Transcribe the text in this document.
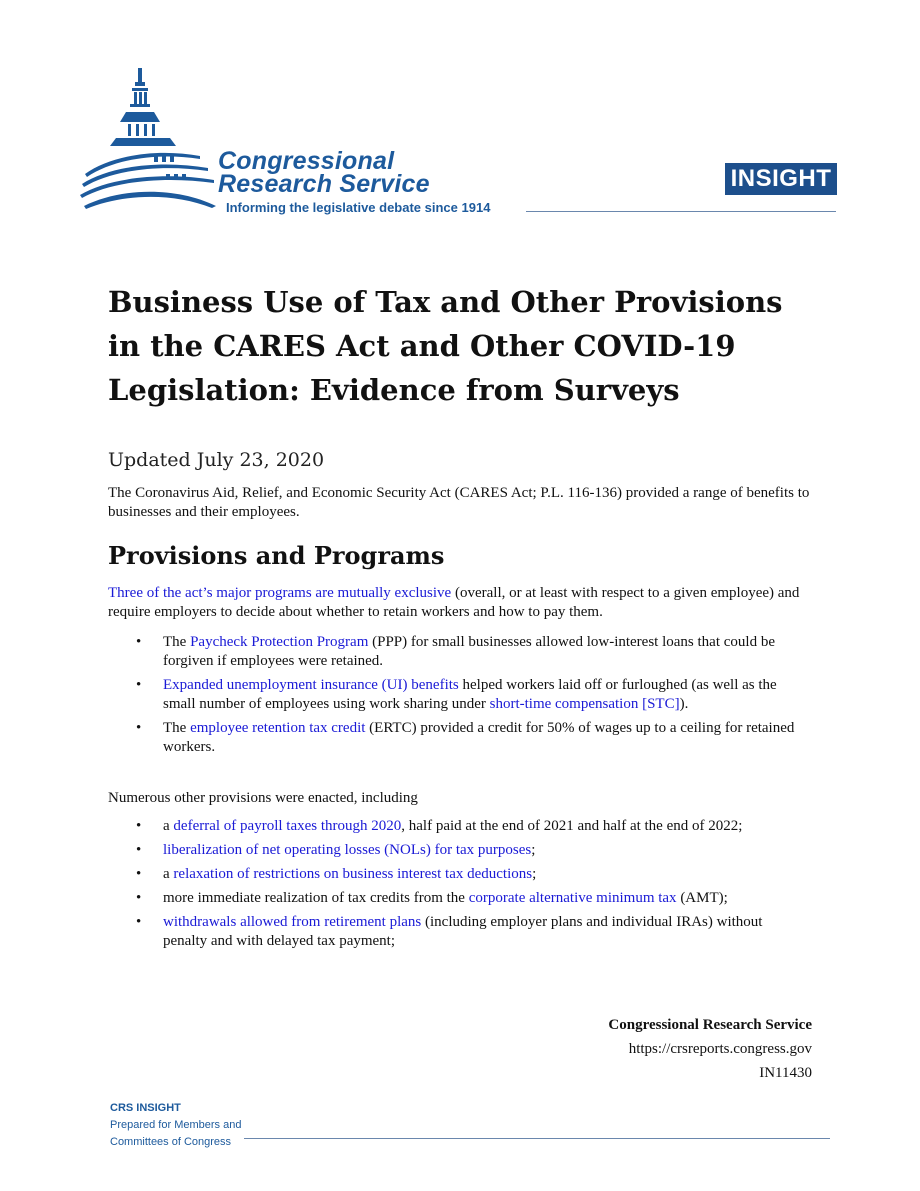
Congressional
Research Service
Informing the legislative debate since 1914
INSIGHT
Business Use of Tax and Other Provisions in the CARES Act and Other COVID-19 Legislation: Evidence from Surveys
Updated July 23, 2020

The Coronavirus Aid, Relief, and Economic Security Act (CARES Act; P.L. 116-136) provided a range of benefits to businesses and their employees.

Provisions and Programs

Three of the act’s major programs are mutually exclusive (overall, or at least with respect to a given employee) and require employers to decide about whether to retain workers and how to pay them.

• The Paycheck Protection Program (PPP) for small businesses allowed low-interest loans that could be forgiven if employees were retained.
• Expanded unemployment insurance (UI) benefits helped workers laid off or furloughed (as well as the small number of employees using work sharing under short-time compensation [STC]).
• The employee retention tax credit (ERTC) provided a credit for 50% of wages up to a ceiling for retained workers.

Numerous other provisions were enacted, including

• a deferral of payroll taxes through 2020, half paid at the end of 2021 and half at the end of 2022;
• liberalization of net operating losses (NOLs) for tax purposes;
• a relaxation of restrictions on business interest tax deductions;
• more immediate realization of tax credits from the corporate alternative minimum tax (AMT);
• withdrawals allowed from retirement plans (including employer plans and individual IRAs) without penalty and with delayed tax payment;
Congressional Research Service
https://crsreports.congress.gov
IN11430
CRS INSIGHT
Prepared for Members and
Committees of Congress
